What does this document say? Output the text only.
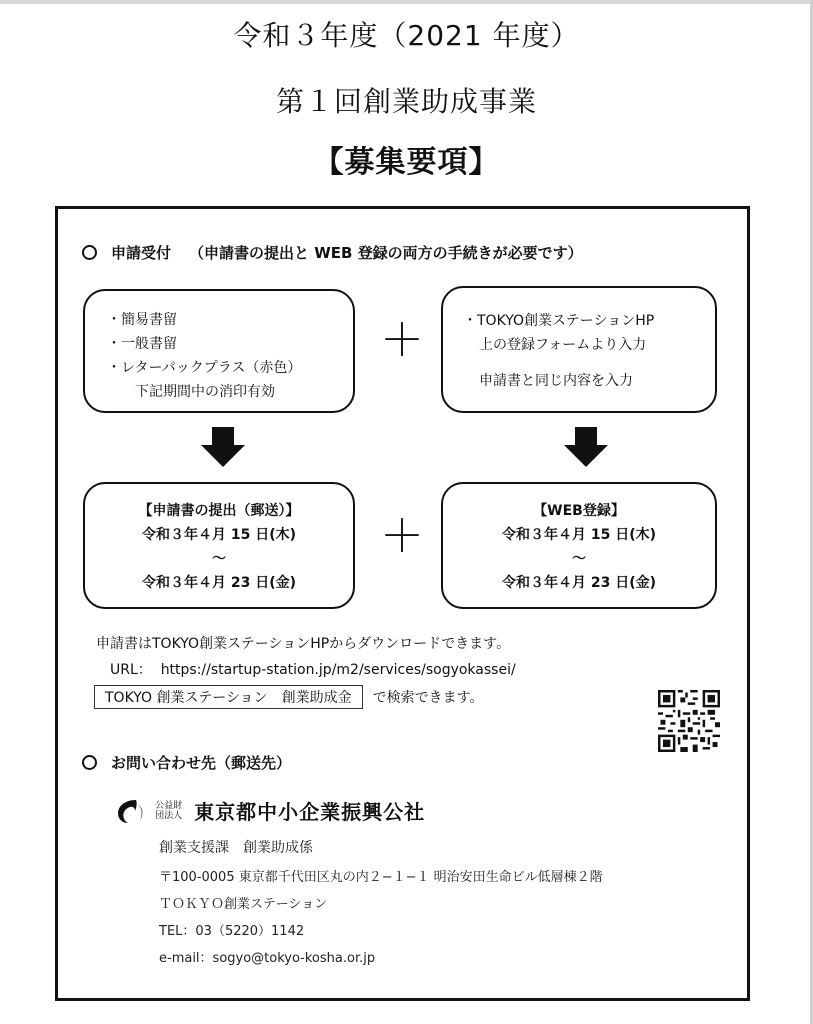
令和３年度（2021 年度）
第１回創業助成事業
【募集要項】
申請受付 （申請書の提出と WEB 登録の両方の手続きが必要です）
・簡易書留
・一般書留
・レターパックプラス（赤色）
下記期間中の消印有効
＋	・TOKYO創業ステーションHP
上の登録フォームより入力
申請書と同じ内容を入力
【申請書の提出（郵送）】
令和３年４月 15 日(木)
～
令和３年４月 23 日(金)
＋	【WEB登録】
令和３年４月 15 日(木)
～
令和３年４月 23 日(金)
申請書はTOKYO創業ステーションHPからダウンロードできます。
URL： https://startup-station.jp/m2/services/sogyokassei/
TOKYO 創業ステーション　創業助成金 で検索できます。
お問い合わせ先（郵送先）
公益財団法人 東京都中小企業振興公社
創業支援課　創業助成係
〒100-0005 東京都千代田区丸の内２−１−１ 明治安田生命ビル低層棟２階
ＴＯＫＹＯ創業ステーション
TEL：03（5220）1142
e-mail：sogyo@tokyo-kosha.or.jp
